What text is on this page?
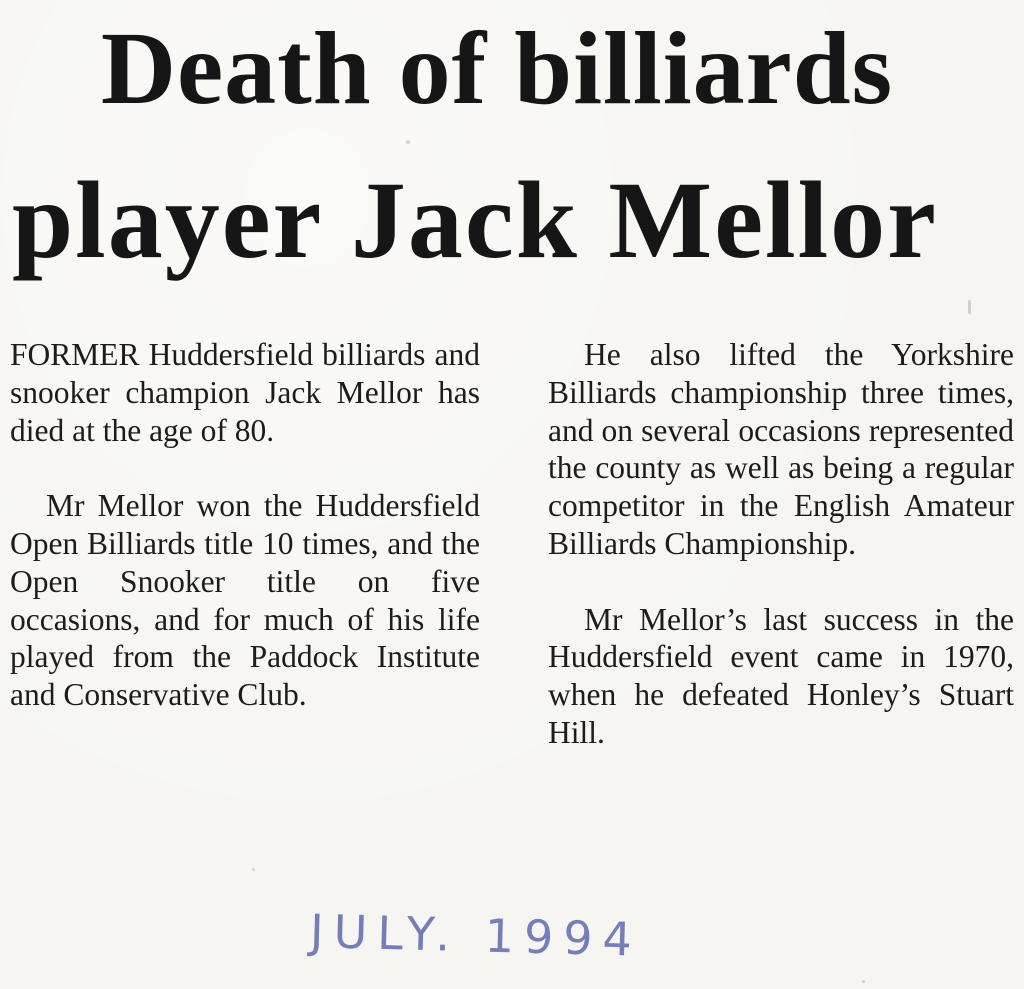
Death of billiards
player Jack Mellor

FORMER Huddersfield billiards and snooker champion Jack Mellor has died at the age of 80.

Mr Mellor won the Huddersfield Open Billiards title 10 times, and the Open Snooker title on five occasions, and for much of his life played from the Paddock Institute and Conservative Club.

He also lifted the Yorkshire Billiards championship three times, and on several occasions represented the county as well as being a regular competitor in the English Amateur Billiards Championship.

Mr Mellor’s last success in the Huddersfield event came in 1970, when he defeated Honley’s Stuart Hill.

JULY. 1994
